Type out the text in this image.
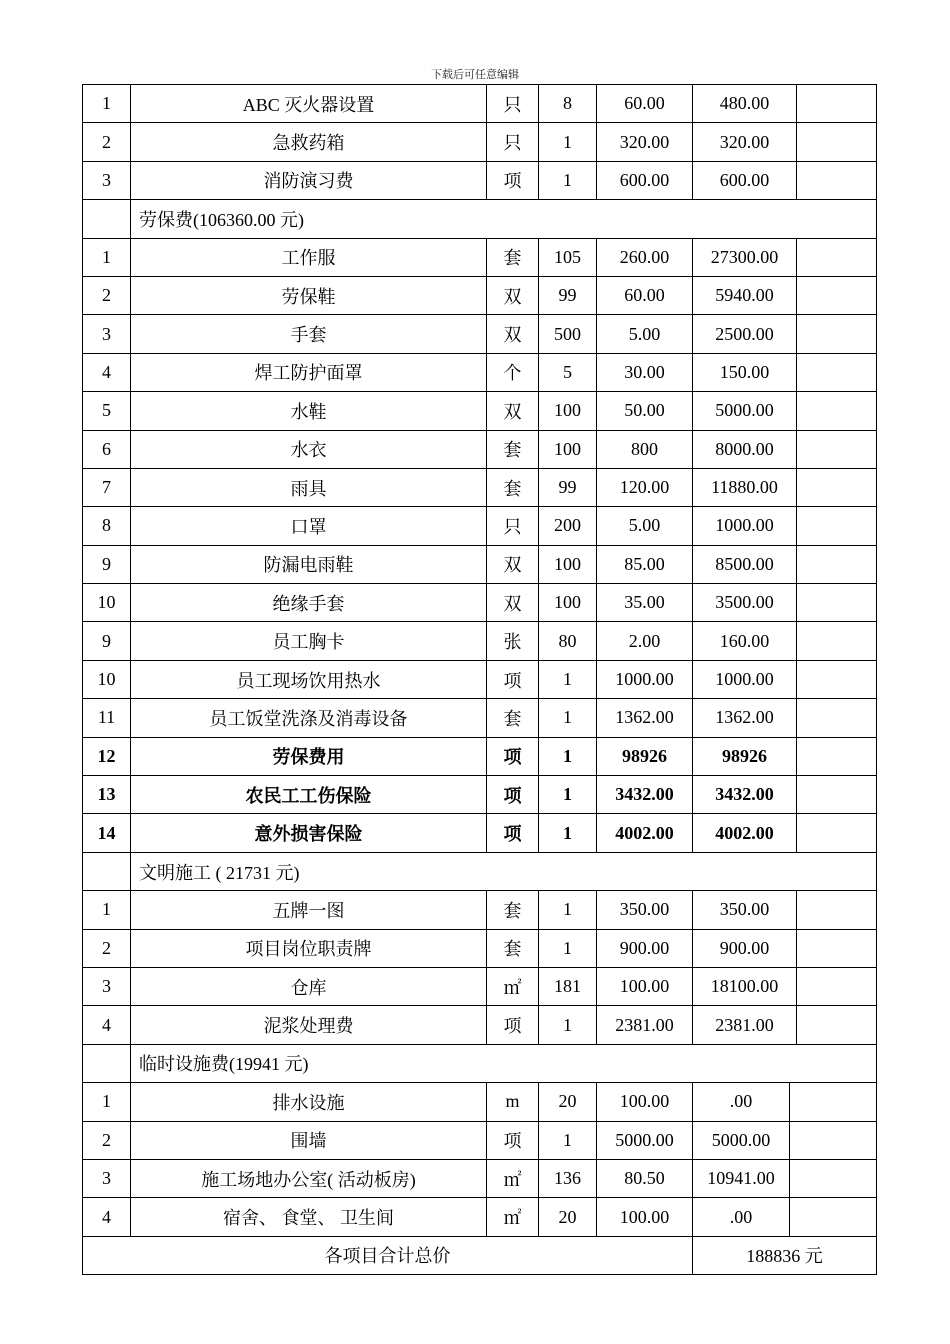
下载后可任意编辑
1	ABC 灭火器设置	只	8	60.00	480.00	
2	急救药箱	只	1	320.00	320.00	
3	消防演习费	项	1	600.00	600.00	
	劳保费(106360.00 元)					
1	工作服	套	105	260.00	27300.00	
2	劳保鞋	双	99	60.00	5940.00	
3	手套	双	500	5.00	2500.00	
4	焊工防护面罩	个	5	30.00	150.00	
5	水鞋	双	100	50.00	5000.00	
6	水衣	套	100	800	8000.00	
7	雨具	套	99	120.00	11880.00	
8	口罩	只	200	5.00	1000.00	
9	防漏电雨鞋	双	100	85.00	8500.00	
10	绝缘手套	双	100	35.00	3500.00	
9	员工胸卡	张	80	2.00	160.00	
10	员工现场饮用热水	项	1	1000.00	1000.00	
11	员工饭堂洗涤及消毒设备	套	1	1362.00	1362.00	
12	劳保费用	项	1	98926	98926	
13	农民工工伤保险	项	1	3432.00	3432.00	
14	意外损害保险	项	1	4002.00	4002.00	
	文明施工 ( 21731 元)					
1	五牌一图	套	1	350.00	350.00	
2	项目岗位职责牌	套	1	900.00	900.00	
3	仓库	㎡	181	100.00	18100.00	
4	泥浆处理费	项	1	2381.00	2381.00	
	临时设施费(19941 元)					
1	排水设施	m	20	100.00	.00	

2	围墙	项	1	5000.00	5000.00	

3	施工场地办公室( 活动板房)	㎡	136	80.50	10941.00	

4	宿舍、 食堂、 卫生间	㎡	20	100.00	.00	

各项目合计总价					188836 元	
